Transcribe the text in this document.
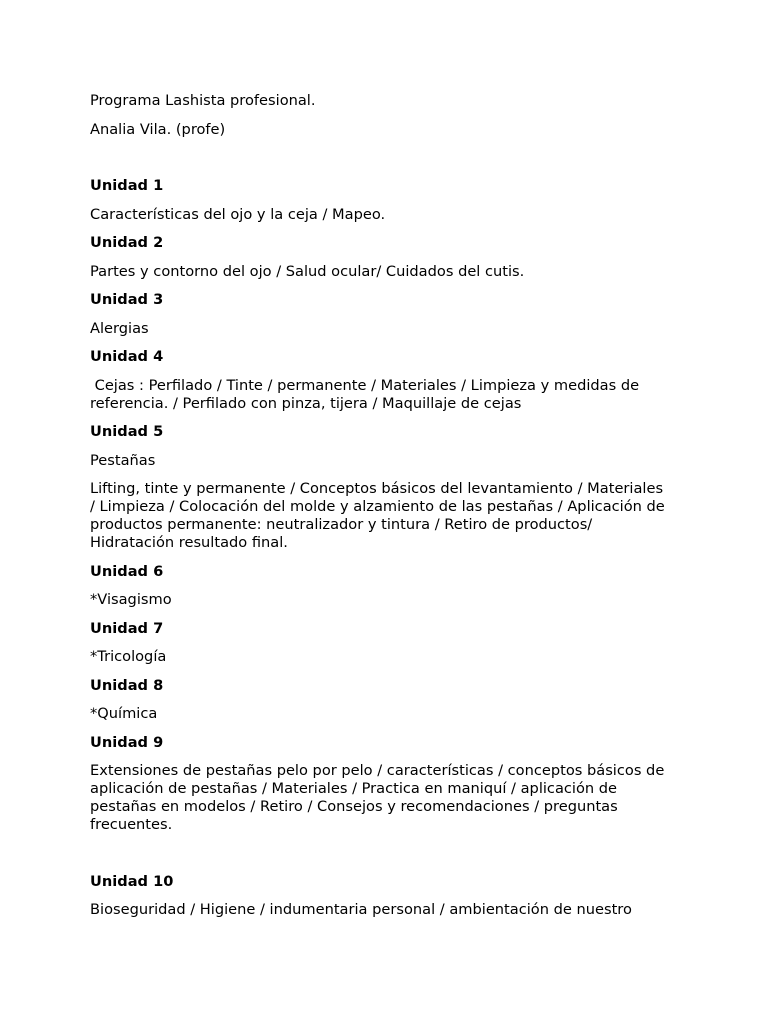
Programa Lashista profesional.
Analia Vila. (profe)
Unidad 1
Características del ojo y la ceja / Mapeo.
Unidad 2
Partes y contorno del ojo / Salud ocular/ Cuidados del cutis.
Unidad 3
Alergias
Unidad 4
Cejas : Perfilado / Tinte / permanente / Materiales / Limpieza y medidas de referencia. / Perfilado con pinza, tijera / Maquillaje de cejas
Unidad 5
Pestañas
Lifting, tinte y permanente / Conceptos básicos del levantamiento / Materiales / Limpieza / Colocación del molde y alzamiento de las pestañas / Aplicación de productos permanente: neutralizador y tintura / Retiro de productos/ Hidratación resultado final.
Unidad 6
*Visagismo
Unidad 7
*Tricología
Unidad 8
*Química
Unidad 9
Extensiones de pestañas pelo por pelo / características / conceptos básicos de aplicación de pestañas / Materiales / Practica en maniquí / aplicación de pestañas en modelos / Retiro / Consejos y recomendaciones / preguntas frecuentes.
Unidad 10
Bioseguridad / Higiene / indumentaria personal / ambientación de nuestro
